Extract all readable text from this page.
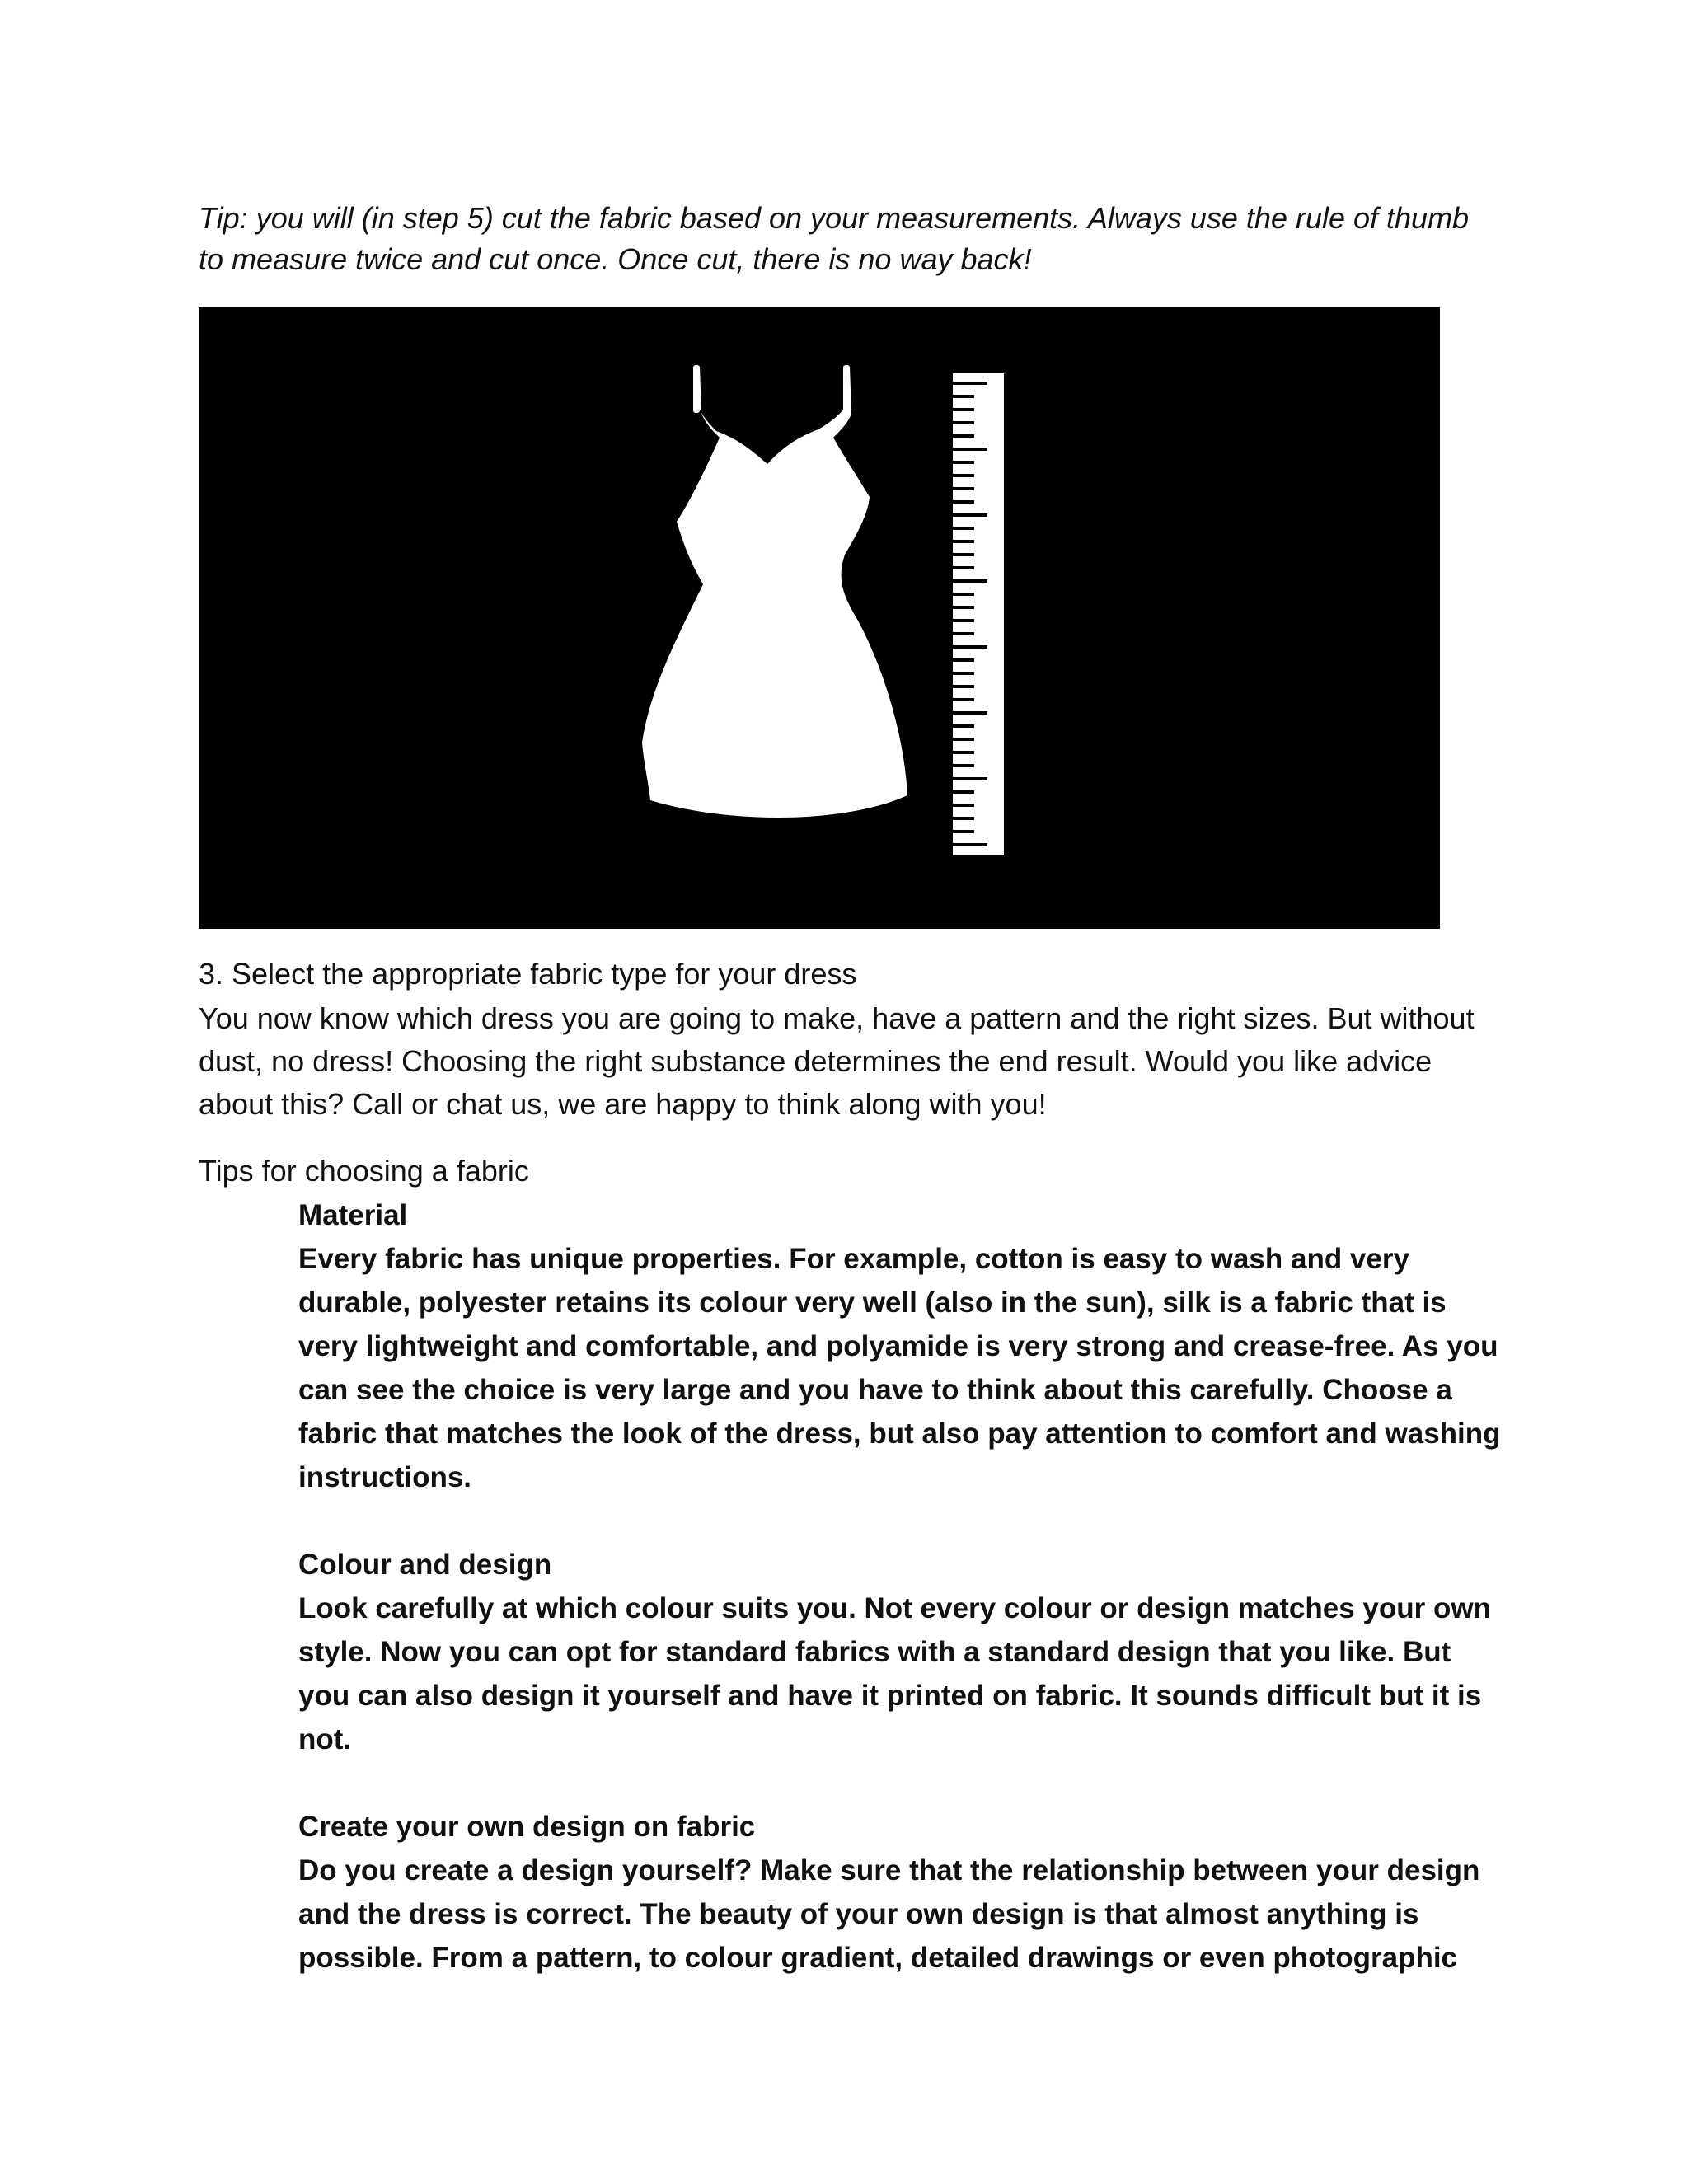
Tip: you will (in step 5) cut the fabric based on your measurements. Always use the rule of thumb to measure twice and cut once. Once cut, there is no way back!

3. Select the appropriate fabric type for your dress

You now know which dress you are going to make, have a pattern and the right sizes. But without dust, no dress! Choosing the right substance determines the end result. Would you like advice about this? Call or chat us, we are happy to think along with you!

Tips for choosing a fabric

Material

Every fabric has unique properties. For example, cotton is easy to wash and very durable, polyester retains its colour very well (also in the sun), silk is a fabric that is very lightweight and comfortable, and polyamide is very strong and crease-free. As you can see the choice is very large and you have to think about this carefully. Choose a fabric that matches the look of the dress, but also pay attention to comfort and washing instructions.

Colour and design

Look carefully at which colour suits you. Not every colour or design matches your own style. Now you can opt for standard fabrics with a standard design that you like. But you can also design it yourself and have it printed on fabric. It sounds difficult but it is not.

Create your own design on fabric

Do you create a design yourself? Make sure that the relationship between your design and the dress is correct. The beauty of your own design is that almost anything is possible. From a pattern, to colour gradient, detailed drawings or even photographic
